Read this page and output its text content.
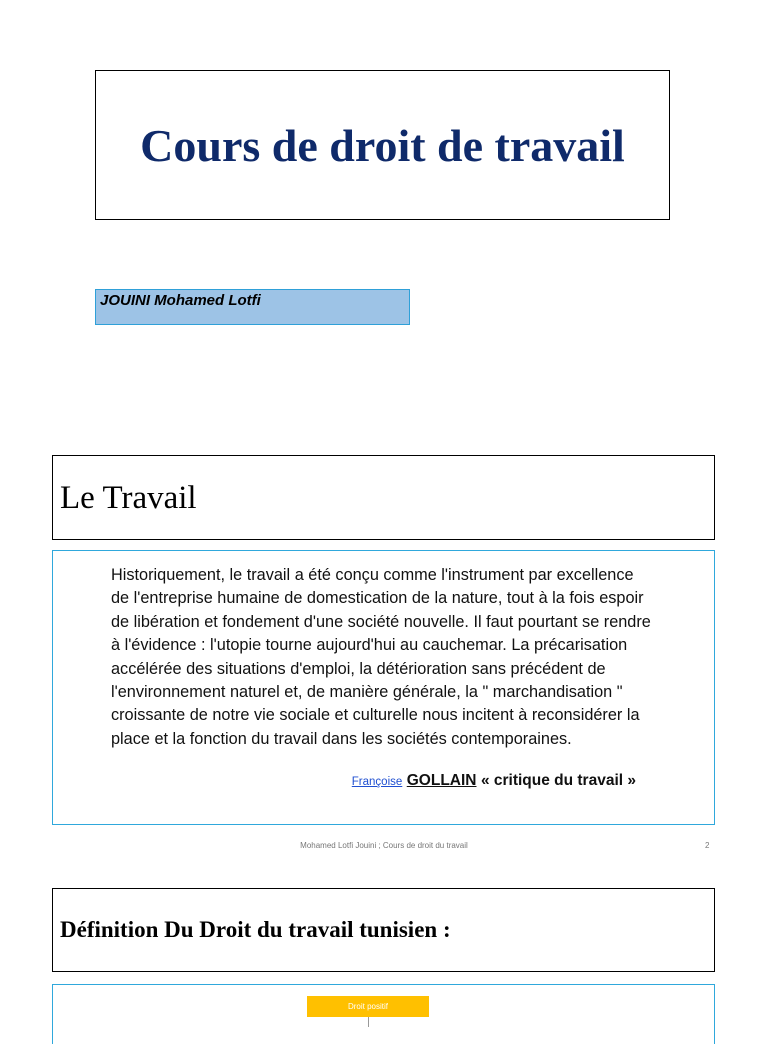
Cours de droit de travail
JOUINI Mohamed Lotfi
Le Travail
Historiquement, le travail a été conçu comme l'instrument par excellence de l'entreprise humaine de domestication de la nature, tout à la fois espoir de libération et fondement d'une société nouvelle. Il faut pourtant se rendre à l'évidence : l'utopie tourne aujourd'hui au cauchemar. La précarisation accélérée des situations d'emploi, la détérioration sans précédent de l'environnement naturel et, de manière générale, la " marchandisation " croissante de notre vie sociale et culturelle nous incitent à reconsidérer la place et la fonction du travail dans les sociétés contemporaines.
Françoise GOLLAIN « critique du travail »
Mohamed Lotfi Jouini ; Cours de droit du travail	2
Définition Du Droit du travail tunisien :
Droit positif
